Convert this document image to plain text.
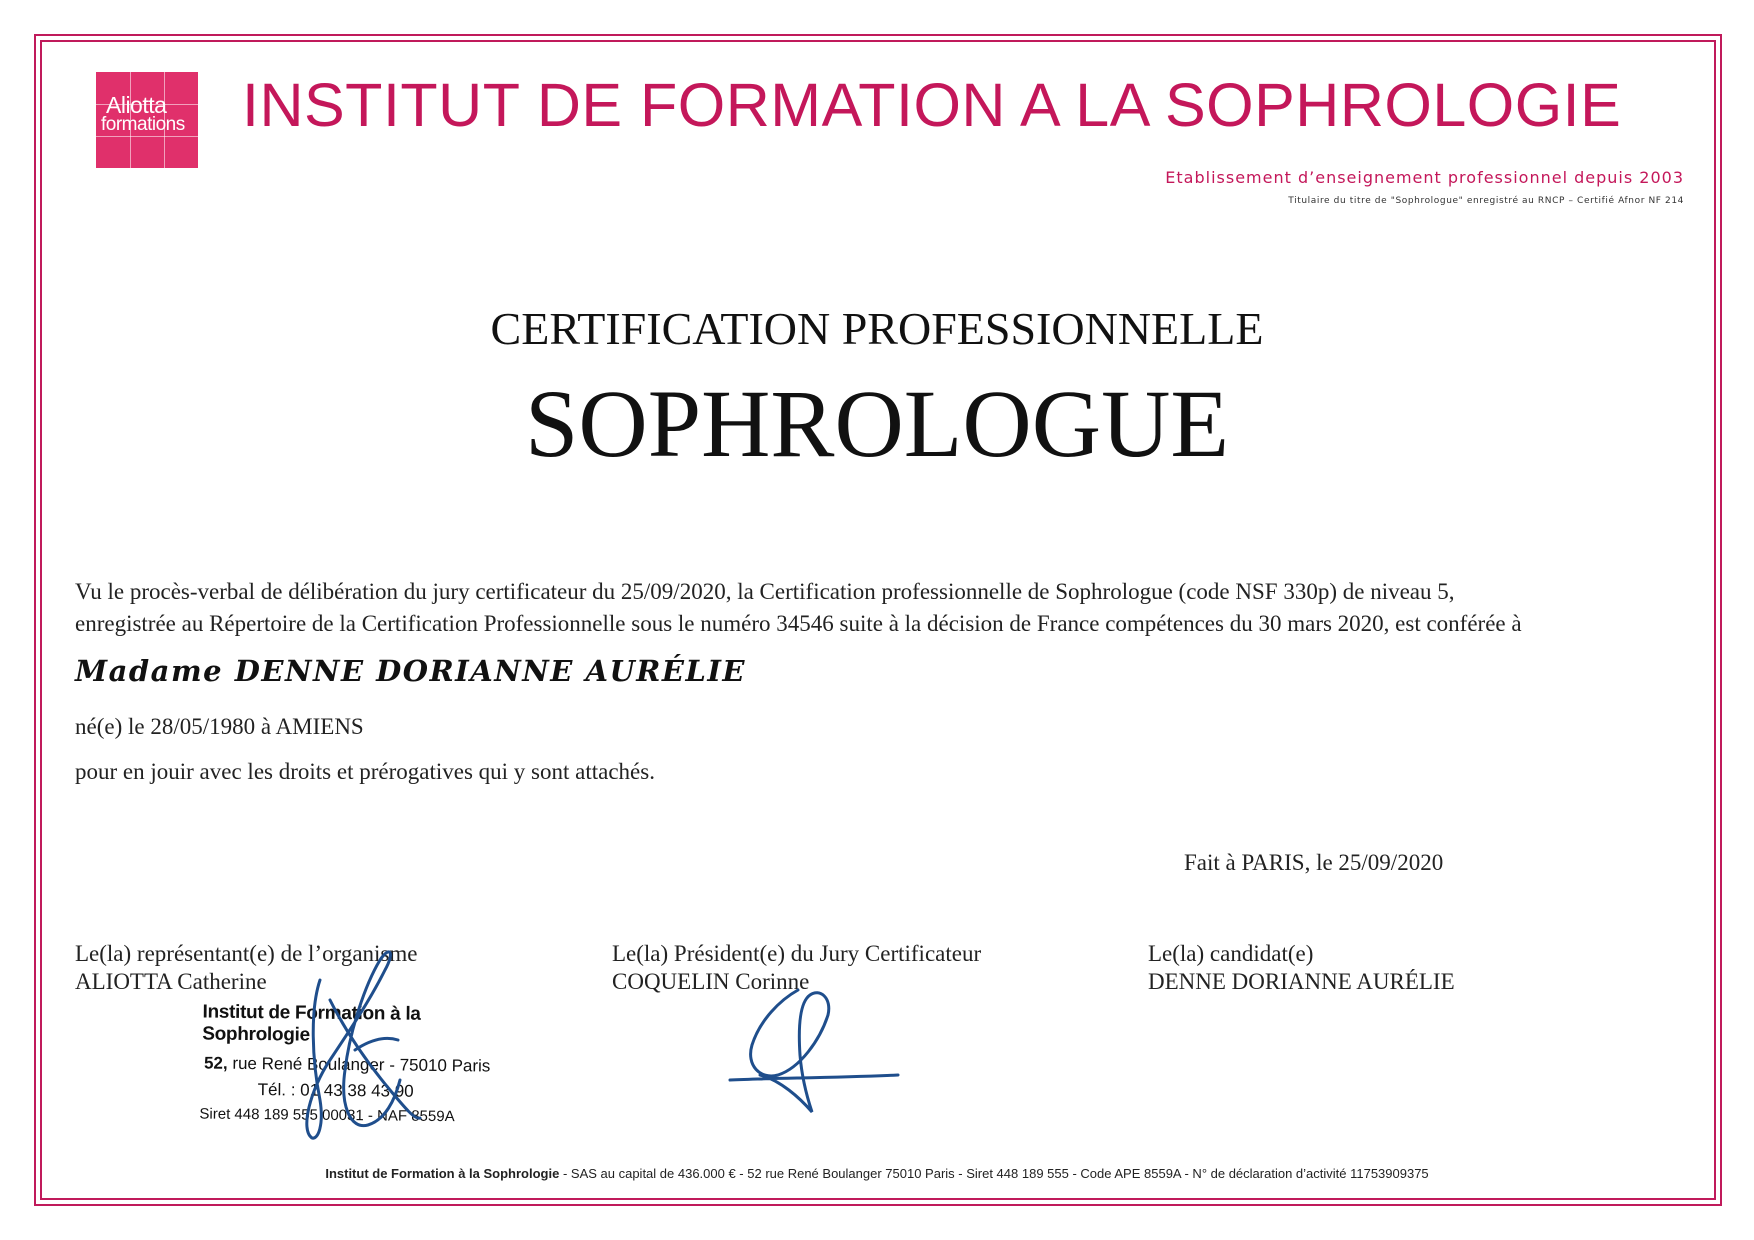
Aliotta
formations INSTITUT DE FORMATION A LA SOPHROLOGIE
Etablissement d’enseignement professionnel depuis 2003
Titulaire du titre de "Sophrologue" enregistré au RNCP – Certifié Afnor NF 214
CERTIFICATION PROFESSIONNELLE
SOPHROLOGUE
Vu le procès-verbal de délibération du jury certificateur du 25/09/2020, la Certification professionnelle de Sophrologue (code NSF 330p) de niveau 5,
enregistrée au Répertoire de la Certification Professionnelle sous le numéro 34546 suite à la décision de France compétences du 30 mars 2020, est conférée à
Madame DENNE DORIANNE AURÉLIE
né(e) le 28/05/1980 à AMIENS
pour en jouir avec les droits et prérogatives qui y sont attachés.
Fait à PARIS, le 25/09/2020
Le(la) représentant(e) de l’organisme
ALIOTTA Catherine
Le(la) Président(e) du Jury Certificateur
COQUELIN Corinne
Le(la) candidat(e)
DENNE DORIANNE AURÉLIE
Institut de Formation à la Sophrologie
52, rue René Boulanger - 75010 Paris
Tél. : 01 43 38 43 90
Siret 448 189 555 00031 - NAF 8559A
Institut de Formation à la Sophrologie - SAS au capital de 436.000 € - 52 rue René Boulanger 75010 Paris - Siret 448 189 555 - Code APE 8559A - N° de déclaration d’activité 11753909375
